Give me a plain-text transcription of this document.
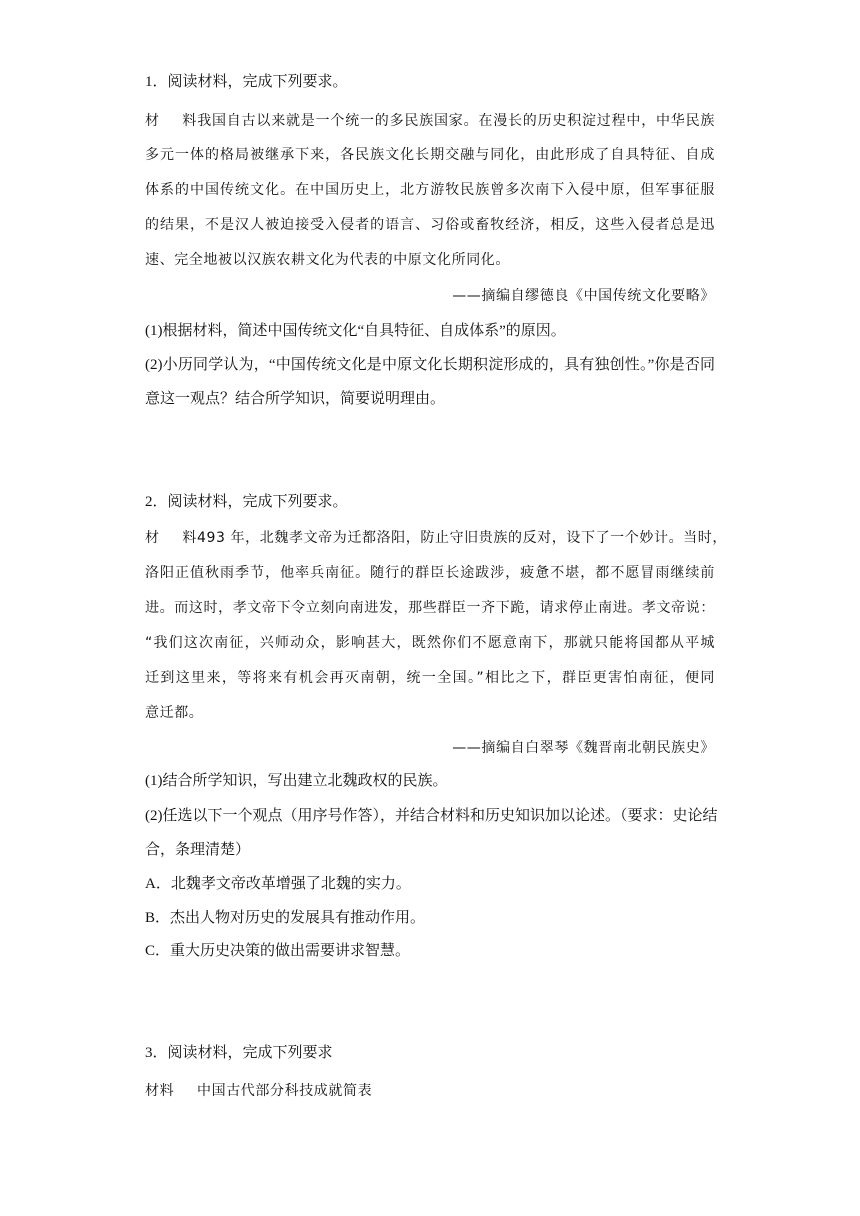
1．阅读材料，完成下列要求。
材料我国自古以来就是一个统一的多民族国家。在漫长的历史积淀过程中，中华民族
多元一体的格局被继承下来，各民族文化长期交融与同化，由此形成了自具特征、自成
体系的中国传统文化。在中国历史上，北方游牧民族曾多次南下入侵中原，但军事征服
的结果，不是汉人被迫接受入侵者的语言、习俗或畜牧经济，相反，这些入侵者总是迅
速、完全地被以汉族农耕文化为代表的中原文化所同化。
——摘编自缪德良《中国传统文化要略》
(1)根据材料，简述中国传统文化“自具特征、自成体系”的原因。
(2)小历同学认为，“中国传统文化是中原文化长期积淀形成的，具有独创性。”你是否同
意这一观点？结合所学知识，简要说明理由。
2．阅读材料，完成下列要求。
材料493 年，北魏孝文帝为迁都洛阳，防止守旧贵族的反对，设下了一个妙计。当时，
洛阳正值秋雨季节，他率兵南征。随行的群臣长途跋涉，疲惫不堪，都不愿冒雨继续前
进。而这时，孝文帝下令立刻向南进发，那些群臣一齐下跪，请求停止南进。孝文帝说：
“我们这次南征，兴师动众，影响甚大，既然你们不愿意南下，那就只能将国都从平城
迁到这里来，等将来有机会再灭南朝，统一全国。”相比之下，群臣更害怕南征，便同
意迁都。
——摘编自白翠琴《魏晋南北朝民族史》
(1)结合所学知识，写出建立北魏政权的民族。
(2)任选以下一个观点（用序号作答），并结合材料和历史知识加以论述。（要求：史论结
合，条理清楚）
A．北魏孝文帝改革增强了北魏的实力。
B．杰出人物对历史的发展具有推动作用。
C．重大历史决策的做出需要讲求智慧。
3．阅读材料，完成下列要求
材料 中国古代部分科技成就简表
